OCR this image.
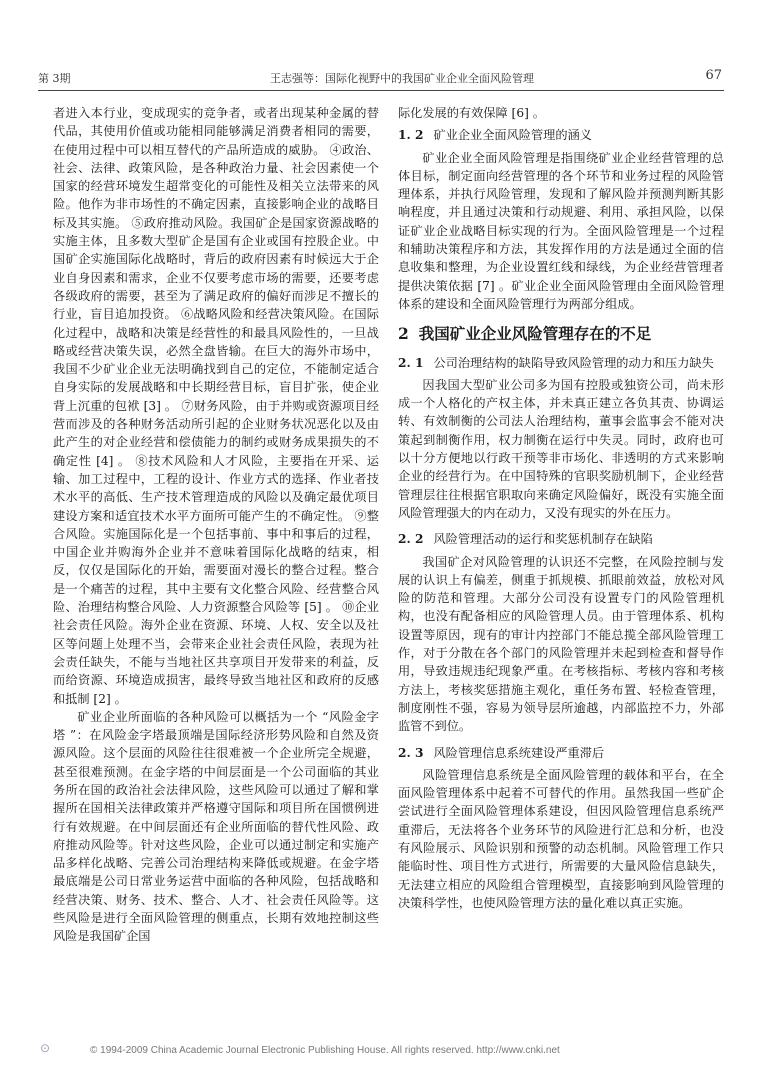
第 3期	王志强等：国际化视野中的我国矿业企业全面风险管理	67

者进入本行业，变成现实的竞争者，或者出现某种金属的替代品，其使用价值或功能相同能够满足消费者相同的需要，在使用过程中可以相互替代的产品所造成的威胁。 ④政治、社会、法律、政策风险，是各种政治力量、社会因素使一个国家的经营环境发生超常变化的可能性及相关立法带来的风险。他作为非市场性的不确定因素，直接影响企业的战略目标及其实施。 ⑤政府推动风险。我国矿企是国家资源战略的实施主体，且多数大型矿企是国有企业或国有控股企业。中国矿企实施国际化战略时，背后的政府因素有时候远大于企业自身因素和需求，企业不仅要考虑市场的需要，还要考虑各级政府的需要，甚至为了满足政府的偏好而涉足不擅长的行业，盲目追加投资。 ⑥战略风险和经营决策风险。在国际化过程中，战略和决策是经营性的和最具风险性的，一旦战略或经营决策失误，必然全盘皆输。在巨大的海外市场中，我国不少矿业企业无法明确找到自己的定位，不能制定适合自身实际的发展战略和中长期经营目标，盲目扩张，使企业背上沉重的包袱 [3] 。 ⑦财务风险，由于并购或资源项目经营而涉及的各种财务活动所引起的企业财务状况恶化以及由此产生的对企业经营和偿债能力的制约或财务成果损失的不确定性 [4] 。 ⑧技术风险和人才风险，主要指在开采、运输、加工过程中，工程的设计、作业方式的选择、作业者技术水平的高低、生产技术管理造成的风险以及确定最优项目建设方案和适宜技术水平方面所可能产生的不确定性。 ⑨整合风险。实施国际化是一个包括事前、事中和事后的过程，中国企业并购海外企业并不意味着国际化战略的结束，相反，仅仅是国际化的开始，需要面对漫长的整合过程。整合是一个痛苦的过程，其中主要有文化整合风险、经营整合风险、治理结构整合风险、人力资源整合风险等 [5] 。 ⑩企业社会责任风险。海外企业在资源、环境、人权、安全以及社区等问题上处理不当，会带来企业社会责任风险，表现为社会责任缺失，不能与当地社区共享项目开发带来的利益，反而给资源、环境造成损害，最终导致当地社区和政府的反感和抵制 [2] 。

矿业企业所面临的各种风险可以概括为一个 “风险金字塔 ”：在风险金字塔最顶端是国际经济形势风险和自然及资源风险。这个层面的风险往往很难被一个企业所完全规避，甚至很难预测。在金字塔的中间层面是一个公司面临的其业务所在国的政治社会法律风险，这些风险可以通过了解和掌握所在国相关法律政策并严格遵守国际和项目所在国惯例进行有效规避。在中间层面还有企业所面临的替代性风险、政府推动风险等。针对这些风险，企业可以通过制定和实施产品多样化战略、完善公司治理结构来降低或规避。在金字塔最底端是公司日常业务运营中面临的各种风险，包括战略和经营决策、财务、技术、整合、人才、社会责任风险等。这些风险是进行全面风险管理的侧重点，长期有效地控制这些风险是我国矿企国

际化发展的有效保障 [6] 。

1. 2 矿业企业全面风险管理的涵义

矿业企业全面风险管理是指围绕矿业企业经营管理的总体目标，制定面向经营管理的各个环节和业务过程的风险管理体系，并执行风险管理，发现和了解风险并预测判断其影响程度，并且通过决策和行动规避、利用、承担风险，以保证矿业企业战略目标实现的行为。全面风险管理是一个过程和辅助决策程序和方法，其发挥作用的方法是通过全面的信息收集和整理，为企业设置红线和绿线，为企业经营管理者提供决策依据 [7] 。矿业企业全面风险管理由全面风险管理体系的建设和全面风险管理行为两部分组成。

2 我国矿业企业风险管理存在的不足
2. 1 公司治理结构的缺陷导致风险管理的动力和压力缺失

因我国大型矿业公司多为国有控股或独资公司，尚未形成一个人格化的产权主体，并未真正建立各负其责、协调运转、有效制衡的公司法人治理结构，董事会监事会不能对决策起到制衡作用，权力制衡在运行中失灵。同时，政府也可以十分方便地以行政干预等非市场化、非透明的方式来影响企业的经营行为。在中国特殊的官职奖励机制下，企业经营管理层往往根据官职取向来确定风险偏好，既没有实施全面风险管理强大的内在动力，又没有现实的外在压力。

2. 2 风险管理活动的运行和奖惩机制存在缺陷

我国矿企对风险管理的认识还不完整，在风险控制与发展的认识上有偏差，侧重于抓规模、抓眼前效益，放松对风险的防范和管理。大部分公司没有设置专门的风险管理机构，也没有配备相应的风险管理人员。由于管理体系、机构设置等原因，现有的审计内控部门不能总揽全部风险管理工作，对于分散在各个部门的风险管理并未起到检查和督导作用，导致违规违纪现象严重。在考核指标、考核内容和考核方法上，考核奖惩措施主观化，重任务布置、轻检查管理，制度刚性不强，容易为领导层所逾越，内部监控不力，外部监管不到位。

2. 3 风险管理信息系统建设严重滞后

风险管理信息系统是全面风险管理的载体和平台，在全面风险管理体系中起着不可替代的作用。虽然我国一些矿企尝试进行全面风险管理体系建设，但因风险管理信息系统严重滞后，无法将各个业务环节的风险进行汇总和分析，也没有风险展示、风险识别和预警的动态机制。风险管理工作只能临时性、项目性方式进行，所需要的大量风险信息缺失，无法建立相应的风险组合管理模型，直接影响到风险管理的决策科学性，也使风险管理方法的量化难以真正实施。

⊙	© 1994-2009 China Academic Journal Electronic Publishing House. All rights reserved. http://www.cnki.net
